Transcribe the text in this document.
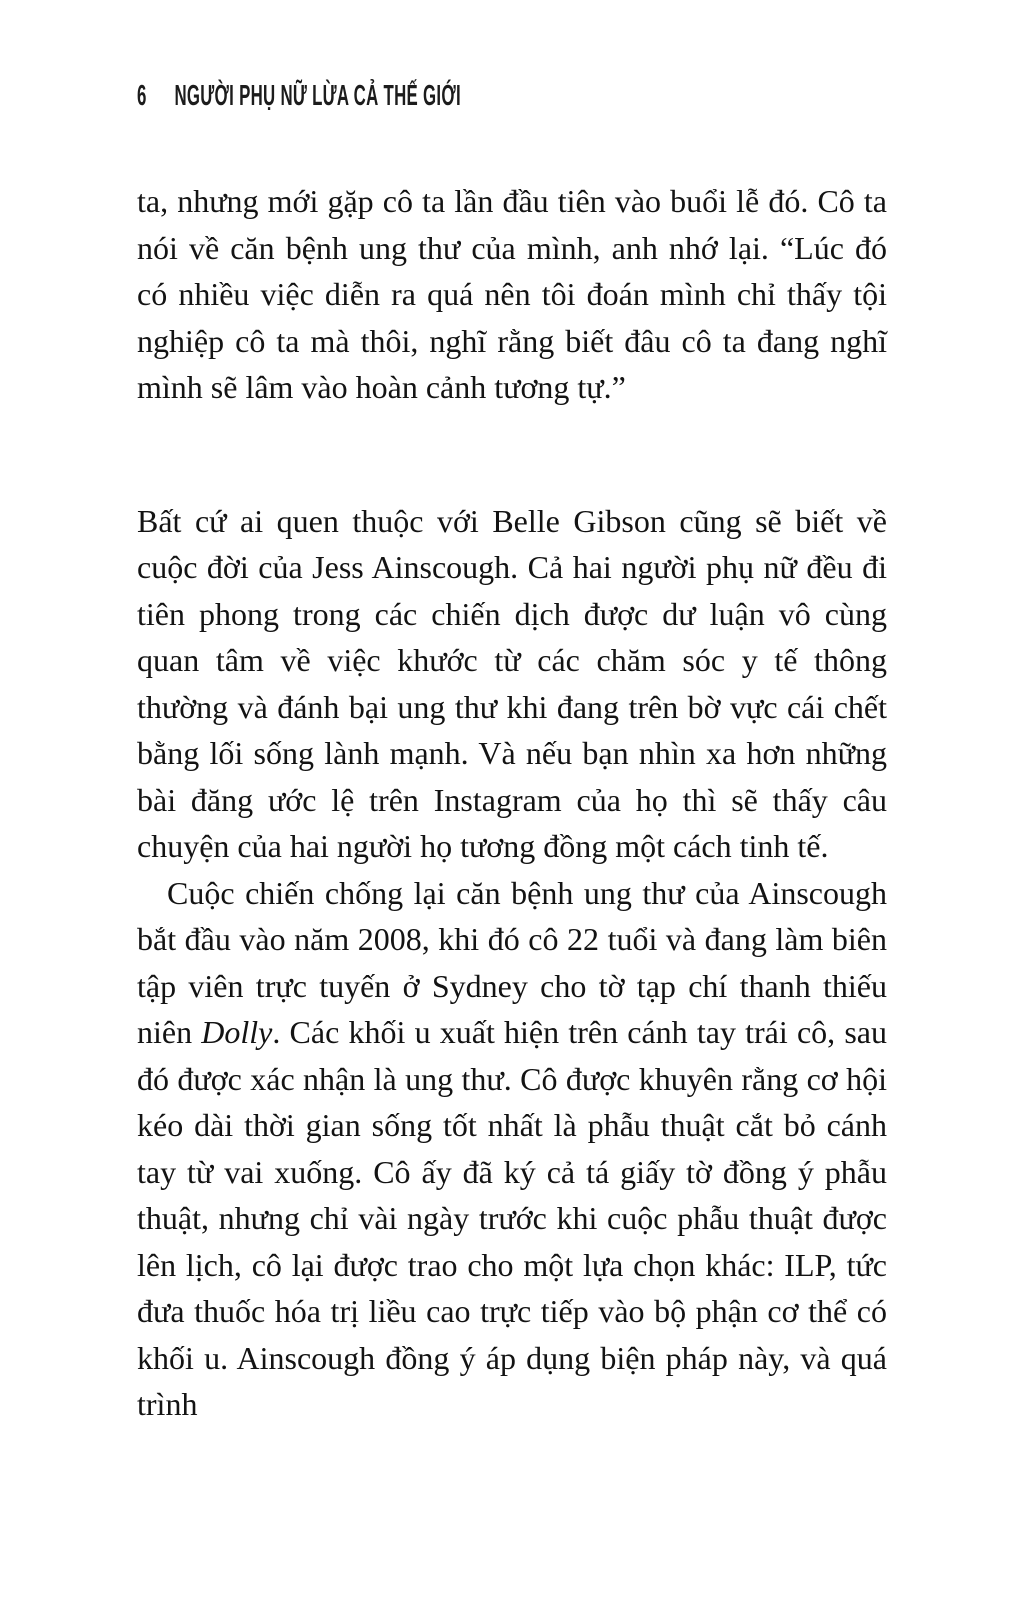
6 NGƯỜI PHỤ NỮ LỪA CẢ THẾ GIỚI

ta, nhưng mới gặp cô ta lần đầu tiên vào buổi lễ đó. Cô ta nói về căn bệnh ung thư của mình, anh nhớ lại. “Lúc đó có nhiều việc diễn ra quá nên tôi đoán mình chỉ thấy tội nghiệp cô ta mà thôi, nghĩ rằng biết đâu cô ta đang nghĩ mình sẽ lâm vào hoàn cảnh tương tự.”

Bất cứ ai quen thuộc với Belle Gibson cũng sẽ biết về cuộc đời của Jess Ainscough. Cả hai người phụ nữ đều đi tiên phong trong các chiến dịch được dư luận vô cùng quan tâm về việc khước từ các chăm sóc y tế thông thường và đánh bại ung thư khi đang trên bờ vực cái chết bằng lối sống lành mạnh. Và nếu bạn nhìn xa hơn những bài đăng ước lệ trên Instagram của họ thì sẽ thấy câu chuyện của hai người họ tương đồng một cách tinh tế.

Cuộc chiến chống lại căn bệnh ung thư của Ainscough bắt đầu vào năm 2008, khi đó cô 22 tuổi và đang làm biên tập viên trực tuyến ở Sydney cho tờ tạp chí thanh thiếu niên Dolly. Các khối u xuất hiện trên cánh tay trái cô, sau đó được xác nhận là ung thư. Cô được khuyên rằng cơ hội kéo dài thời gian sống tốt nhất là phẫu thuật cắt bỏ cánh tay từ vai xuống. Cô ấy đã ký cả tá giấy tờ đồng ý phẫu thuật, nhưng chỉ vài ngày trước khi cuộc phẫu thuật được lên lịch, cô lại được trao cho một lựa chọn khác: ILP, tức đưa thuốc hóa trị liều cao trực tiếp vào bộ phận cơ thể có khối u. Ainscough đồng ý áp dụng biện pháp này, và quá trình
